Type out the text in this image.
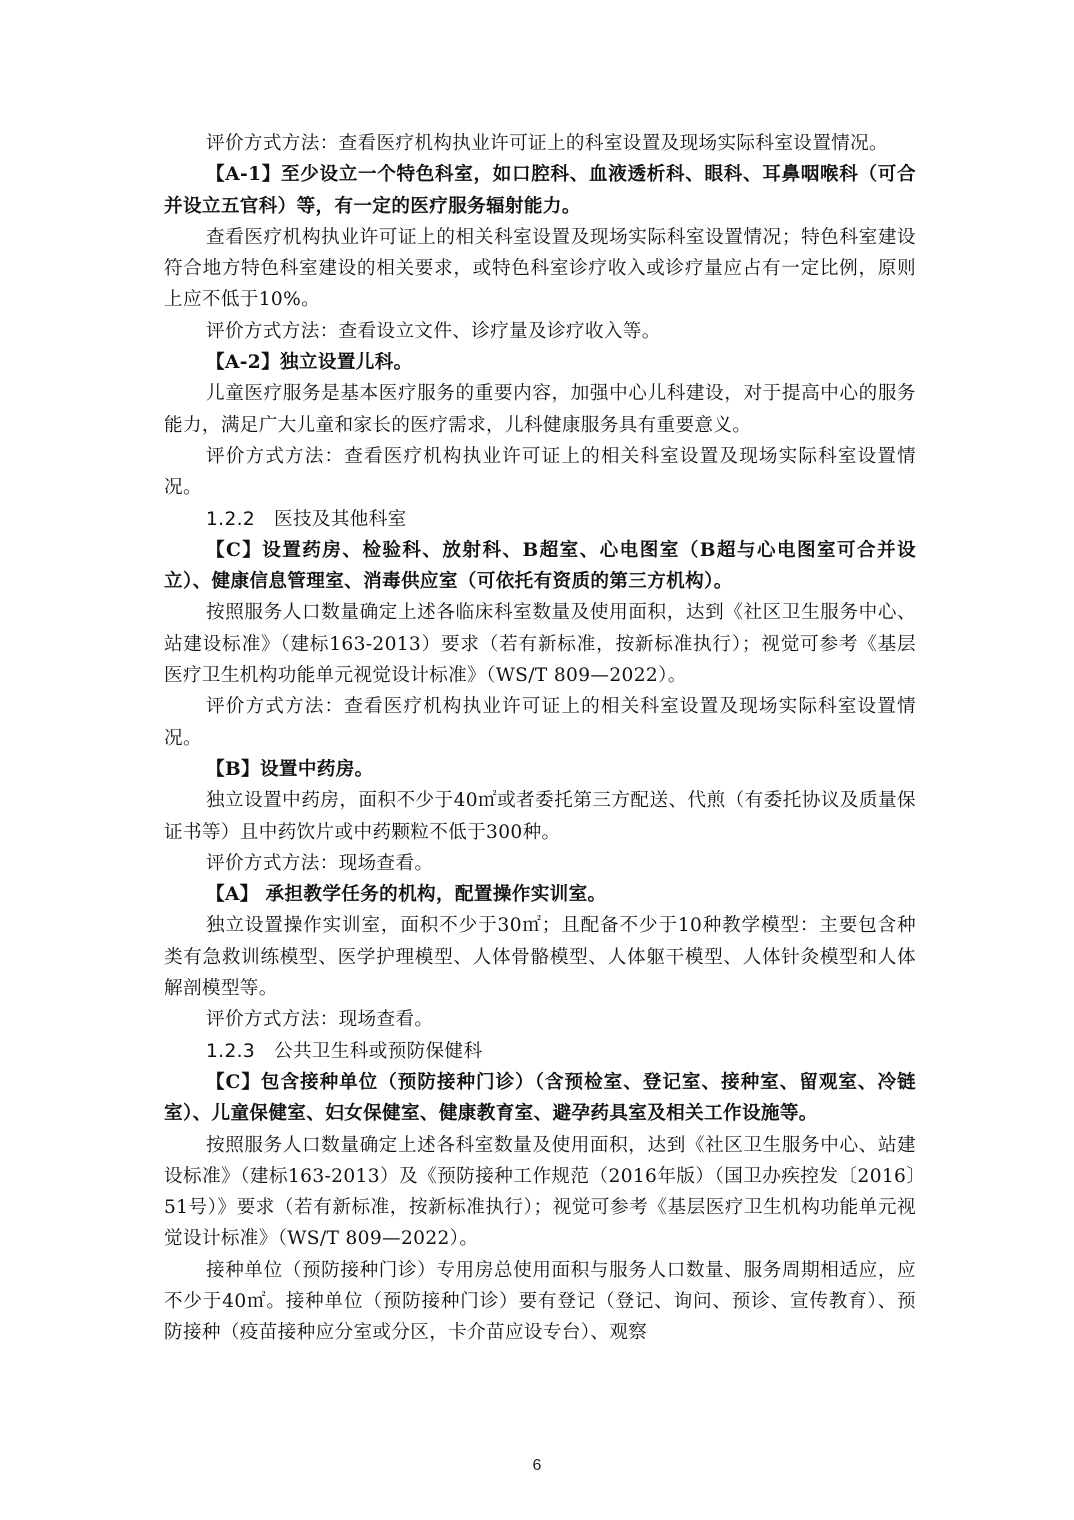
评价方式方法：查看医疗机构执业许可证上的科室设置及现场实际科室设置情况。

【A-1】至少设立一个特色科室，如口腔科、血液透析科、眼科、耳鼻咽喉科（可合并设立五官科）等，有一定的医疗服务辐射能力。

查看医疗机构执业许可证上的相关科室设置及现场实际科室设置情况；特色科室建设符合地方特色科室建设的相关要求，或特色科室诊疗收入或诊疗量应占有一定比例，原则上应不低于10%。

评价方式方法：查看设立文件、诊疗量及诊疗收入等。

【A-2】独立设置儿科。

儿童医疗服务是基本医疗服务的重要内容，加强中心儿科建设，对于提高中心的服务能力，满足广大儿童和家长的医疗需求，儿科健康服务具有重要意义。

评价方式方法：查看医疗机构执业许可证上的相关科室设置及现场实际科室设置情况。

1.2.2　医技及其他科室

【C】设置药房、检验科、放射科、B超室、心电图室（B超与心电图室可合并设立）、健康信息管理室、消毒供应室（可依托有资质的第三方机构）。

按照服务人口数量确定上述各临床科室数量及使用面积，达到《社区卫生服务中心、站建设标准》（建标163-2013）要求（若有新标准，按新标准执行）；视觉可参考《基层医疗卫生机构功能单元视觉设计标准》（WS/T 809—2022）。

评价方式方法：查看医疗机构执业许可证上的相关科室设置及现场实际科室设置情况。

【B】设置中药房。

独立设置中药房，面积不少于40㎡或者委托第三方配送、代煎（有委托协议及质量保证书等）且中药饮片或中药颗粒不低于300种。

评价方式方法：现场查看。

【A】 承担教学任务的机构，配置操作实训室。

独立设置操作实训室，面积不少于30㎡；且配备不少于10种教学模型：主要包含种类有急救训练模型、医学护理模型、人体骨骼模型、人体躯干模型、人体针灸模型和人体解剖模型等。

评价方式方法：现场查看。

1.2.3　公共卫生科或预防保健科

【C】包含接种单位（预防接种门诊）（含预检室、登记室、接种室、留观室、冷链室）、儿童保健室、妇女保健室、健康教育室、避孕药具室及相关工作设施等。

按照服务人口数量确定上述各科室数量及使用面积，达到《社区卫生服务中心、站建设标准》（建标163-2013）及《预防接种工作规范（2016年版）（国卫办疾控发〔2016〕51号）》要求（若有新标准，按新标准执行）；视觉可参考《基层医疗卫生机构功能单元视觉设计标准》（WS/T 809—2022）。

接种单位（预防接种门诊）专用房总使用面积与服务人口数量、服务周期相适应，应不少于40㎡。接种单位（预防接种门诊）要有登记（登记、询问、预诊、宣传教育）、预防接种（疫苗接种应分室或分区，卡介苗应设专台）、观察

6
